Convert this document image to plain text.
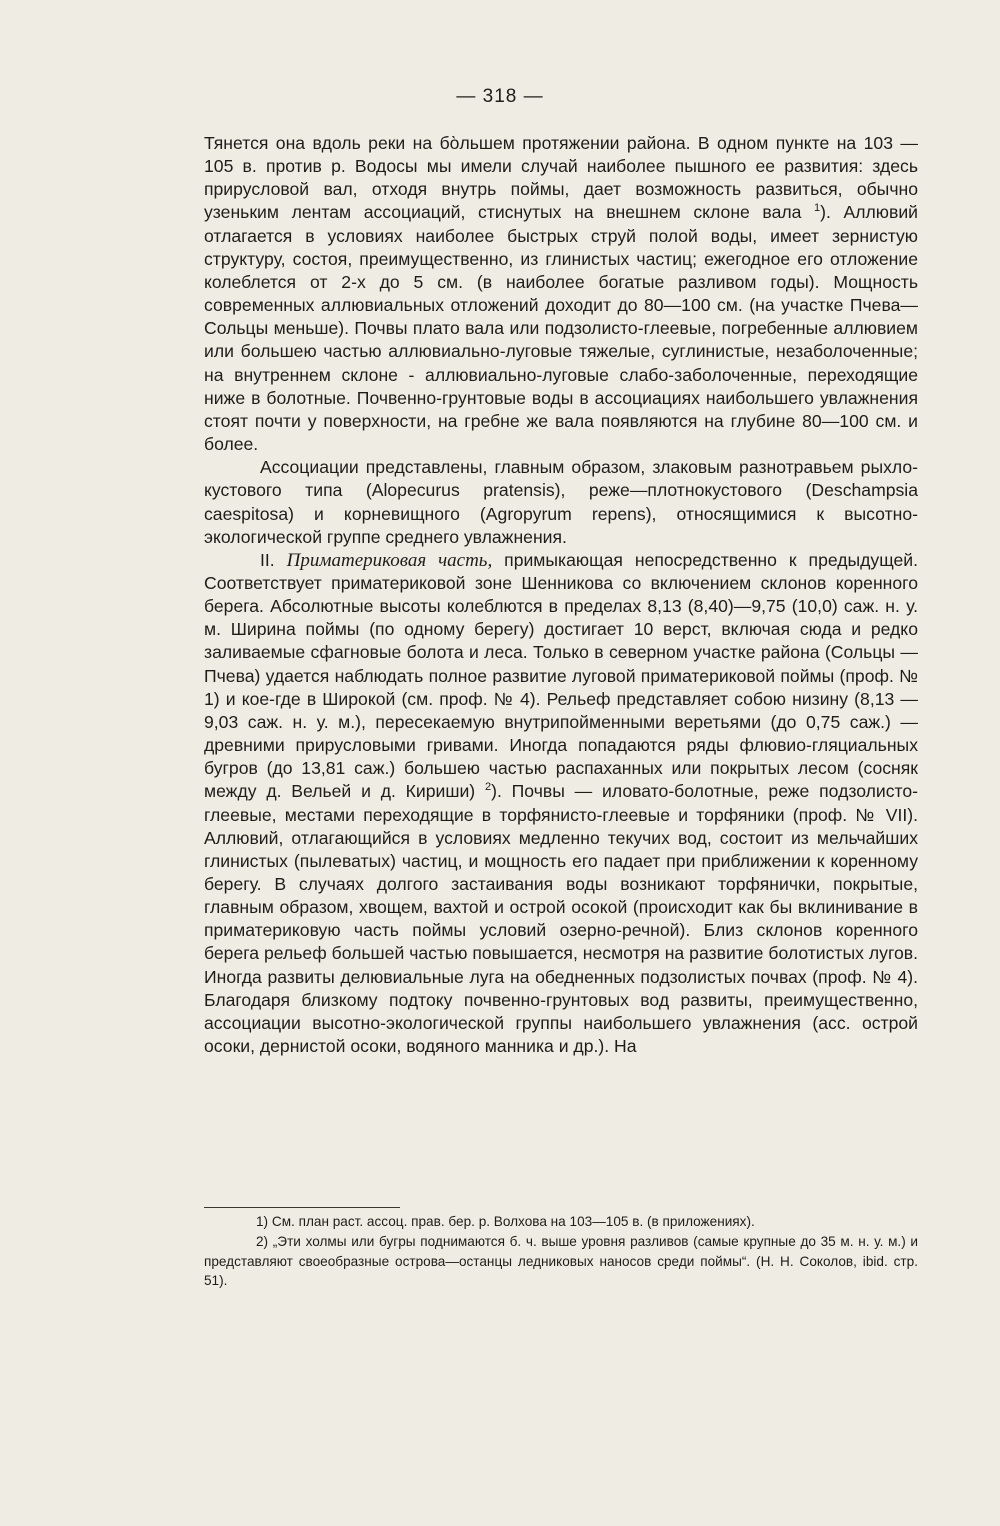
— 318 —

Тянется она вдоль реки на бо̀льшем протяжении района. В одном пункте на 103 — 105 в. против р. Водосы мы имели случай наиболее пышного ее развития: здесь прирусловой вал, отходя внутрь поймы, дает возможность развиться, обычно узеньким лентам ассоциаций, стиснутых на внешнем склоне вала $^1$). Аллювий отлагается в условиях наиболее быстрых струй полой воды, имеет зернистую структуру, состоя, преимущественно, из глинистых частиц; ежегодное его отложение колеблется от 2-х до 5 см. (в наиболее богатые разливом годы). Мощность современных аллювиальных отложений доходит до 80—100 см. (на участке Пчева—Сольцы меньше). Почвы плато вала или подзолисто-глеевые, погребенные аллювием или большею частью аллювиально-луговые тяжелые, суглинистые, незаболоченные; на внутреннем склоне - аллювиально-луговые слабо-заболоченные, переходящие ниже в болотные. Почвенно-грунтовые воды в ассоциациях наибольшего увлажнения стоят почти у поверхности, на гребне же вала появляются на глубине 80—100 см. и более.

Ассоциации представлены, главным образом, злаковым разнотравьем рыхло-кустового типа (Alopecurus pratensis), реже—плотнокустового (Deschampsia caespitosa) и корневищного (Agropyrum repens), относящимися к высотно-экологической группе среднего увлажнения.

II. Приматериковая часть, примыкающая непосредственно к предыдущей. Соответствует приматериковой зоне Шенникова со включением склонов коренного берега. Абсолютные высоты колеблются в пределах 8,13 (8,40)—9,75 (10,0) саж. н. у. м. Ширина поймы (по одному берегу) достигает 10 верст, включая сюда и редко заливаемые сфагновые болота и леса. Только в северном участке района (Сольцы — Пчева) удается наблюдать полное развитие луговой приматериковой поймы (проф. № 1) и кое-где в Широкой (см. проф. № 4). Рельеф представляет собою низину (8,13 — 9,03 саж. н. у. м.), пересекаемую внутрипойменными веретьями (до 0,75 саж.) — древними прирусловыми гривами. Иногда попадаются ряды флювио-гляциальных бугров (до 13,81 саж.) большею частью распаханных или покрытых лесом (сосняк между д. Вельей и д. Кириши) $^2$). Почвы — иловато-болотные, реже подзолисто-глеевые, местами переходящие в торфянисто-глеевые и торфяники (проф. № VII). Аллювий, отлагающийся в условиях медленно текучих вод, состоит из мельчайших глинистых (пылеватых) частиц, и мощность его падает при приближении к коренному берегу. В случаях долгого застаивания воды возникают торфянички, покрытые, главным образом, хвощем, вахтой и острой осокой (происходит как бы вклинивание в приматериковую часть поймы условий озерно-речной). Близ склонов коренного берега рельеф большей частью повышается, несмотря на развитие болотистых лугов. Иногда развиты делювиальные луга на обедненных подзолистых почвах (проф. № 4). Благодаря близкому подтоку почвенно-грунтовых вод развиты, преимущественно, ассоциации высотно-экологической группы наибольшего увлажнения (асс. острой осоки, дернистой осоки, водяного манника и др.). На

1) См. план раст. ассоц. прав. бер. р. Волхова на 103—105 в. (в приложениях).

2) „Эти холмы или бугры поднимаются б. ч. выше уровня разливов (самые крупные до 35 м. н. у. м.) и представляют своеобразные острова—останцы ледниковых наносов среди поймы“. (Н. Н. Соколов, ibid. стр. 51).
